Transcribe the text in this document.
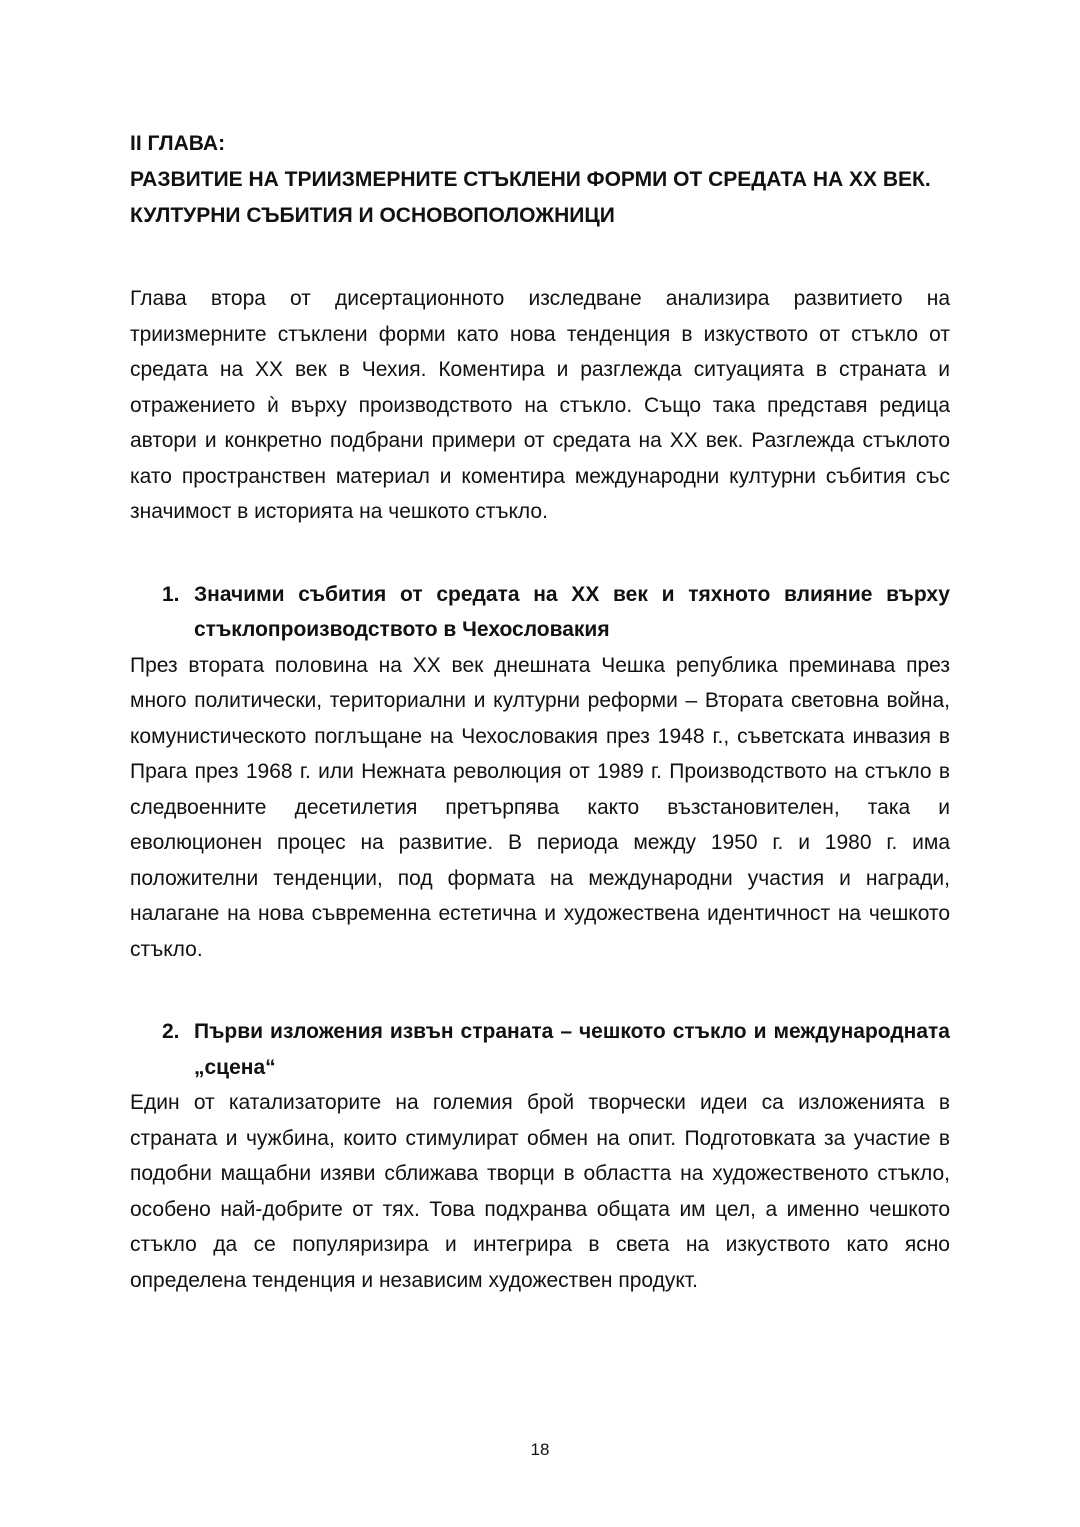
II ГЛАВА:
РАЗВИТИЕ НА ТРИИЗМЕРНИТЕ СТЪКЛЕНИ ФОРМИ ОТ СРЕДАТА НА XX ВЕК.
КУЛТУРНИ СЪБИТИЯ И ОСНОВОПОЛОЖНИЦИ

Глава втора от дисертационното изследване анализира развитието на триизмерните стъклени форми като нова тенденция в изкуството от стъкло от средата на XX век в Чехия. Коментира и разглежда ситуацията в страната и отражението ѝ върху производството на стъкло. Също така представя редица автори и конкретно подбрани примери от средата на XX век. Разглежда стъклото като пространствен материал и коментира международни културни събития със значимост в историята на чешкото стъкло.

1. Значими събития от средата на XX век и тяхното влияние върху стъклопроизводството в Чехословакия

През втората половина на XX век днешната Чешка република преминава през много политически, териториални и културни реформи – Втората световна война, комунистическото поглъщане на Чехословакия през 1948 г., съветската инвазия в Прага през 1968 г. или Нежната революция от 1989 г. Производството на стъкло в следвоенните десетилетия претърпява както възстановителен, така и еволюционен процес на развитие. В периода между 1950 г. и 1980 г. има положителни тенденции, под формата на международни участия и награди, налагане на нова съвременна естетична и художествена идентичност на чешкото стъкло.

2. Първи изложения извън страната – чешкото стъкло и международната „сцена“

Един от катализаторите на големия брой творчески идеи са изложенията в страната и чужбина, които стимулират обмен на опит. Подготовката за участие в подобни мащабни изяви сближава творци в областта на художественото стъкло, особено най-добрите от тях. Това подхранва общата им цел, а именно чешкото стъкло да се популяризира и интегрира в света на изкуството като ясно определена тенденция и независим художествен продукт.

18
